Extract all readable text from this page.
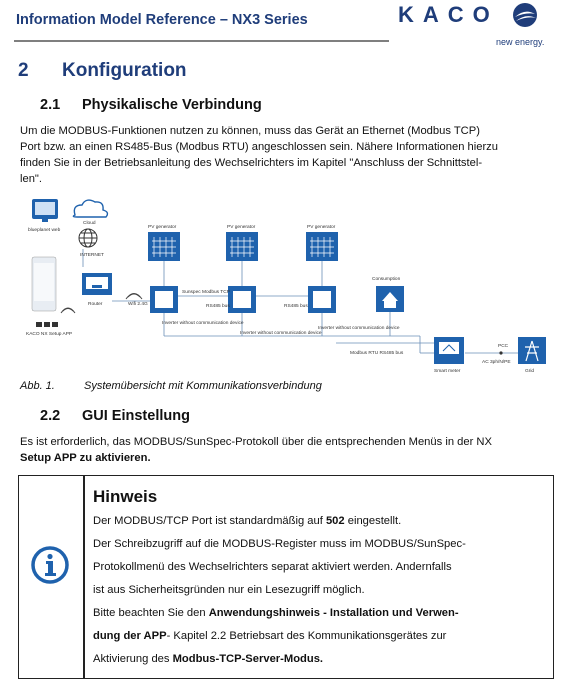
Information Model Reference – NX3 Series	KACO
new energy.
2 Konfiguration
2.1 Physikalische Verbindung
Um die MODBUS-Funktionen nutzen zu können, muss das Gerät an Ethernet (Modbus TCP)
Port bzw. an einen RS485-Bus (Modbus RTU) angeschlossen sein. Nähere Informationen hierzu
finden Sie in der Betriebsanleitung des Wechselrichters im Kapitel "Anschluss der Schnittstel-
len".
blueplanet web
Cloud
INTERNET
Router
KACO NX Setup APP
Wifi 2.4G
PV generator	PV generator	PV generator
Sunspec Modbus TCP
RS485 bus	RS485 bus
Inverter without communication device
Inverter without communication device
Inverter without communication device
Modbus RTU RS485 bus
Consumption
Smart meter
PCC
AC 3ph/N/PE
Grid
Abb. 1.	Systemübersicht mit Kommunikationsverbindung
2.2 GUI Einstellung
Es ist erforderlich, das MODBUS/SunSpec-Protokoll über die entsprechenden Menüs in der NX
Setup APP zu aktivieren.
Hinweis
Der MODBUS/TCP Port ist standardmäßig auf 502 eingestellt.
Der Schreibzugriff auf die MODBUS-Register muss im MODBUS/SunSpec-
Protokollmenü des Wechselrichters separat aktiviert werden. Andernfalls
ist aus Sicherheitsgründen nur ein Lesezugriff möglich.
Bitte beachten Sie den Anwendungshinweis - Installation und Verwen-
dung der APP- Kapitel 2.2 Betriebsart des Kommunikationsgerätes zur
Aktivierung des Modbus-TCP-Server-Modus.
